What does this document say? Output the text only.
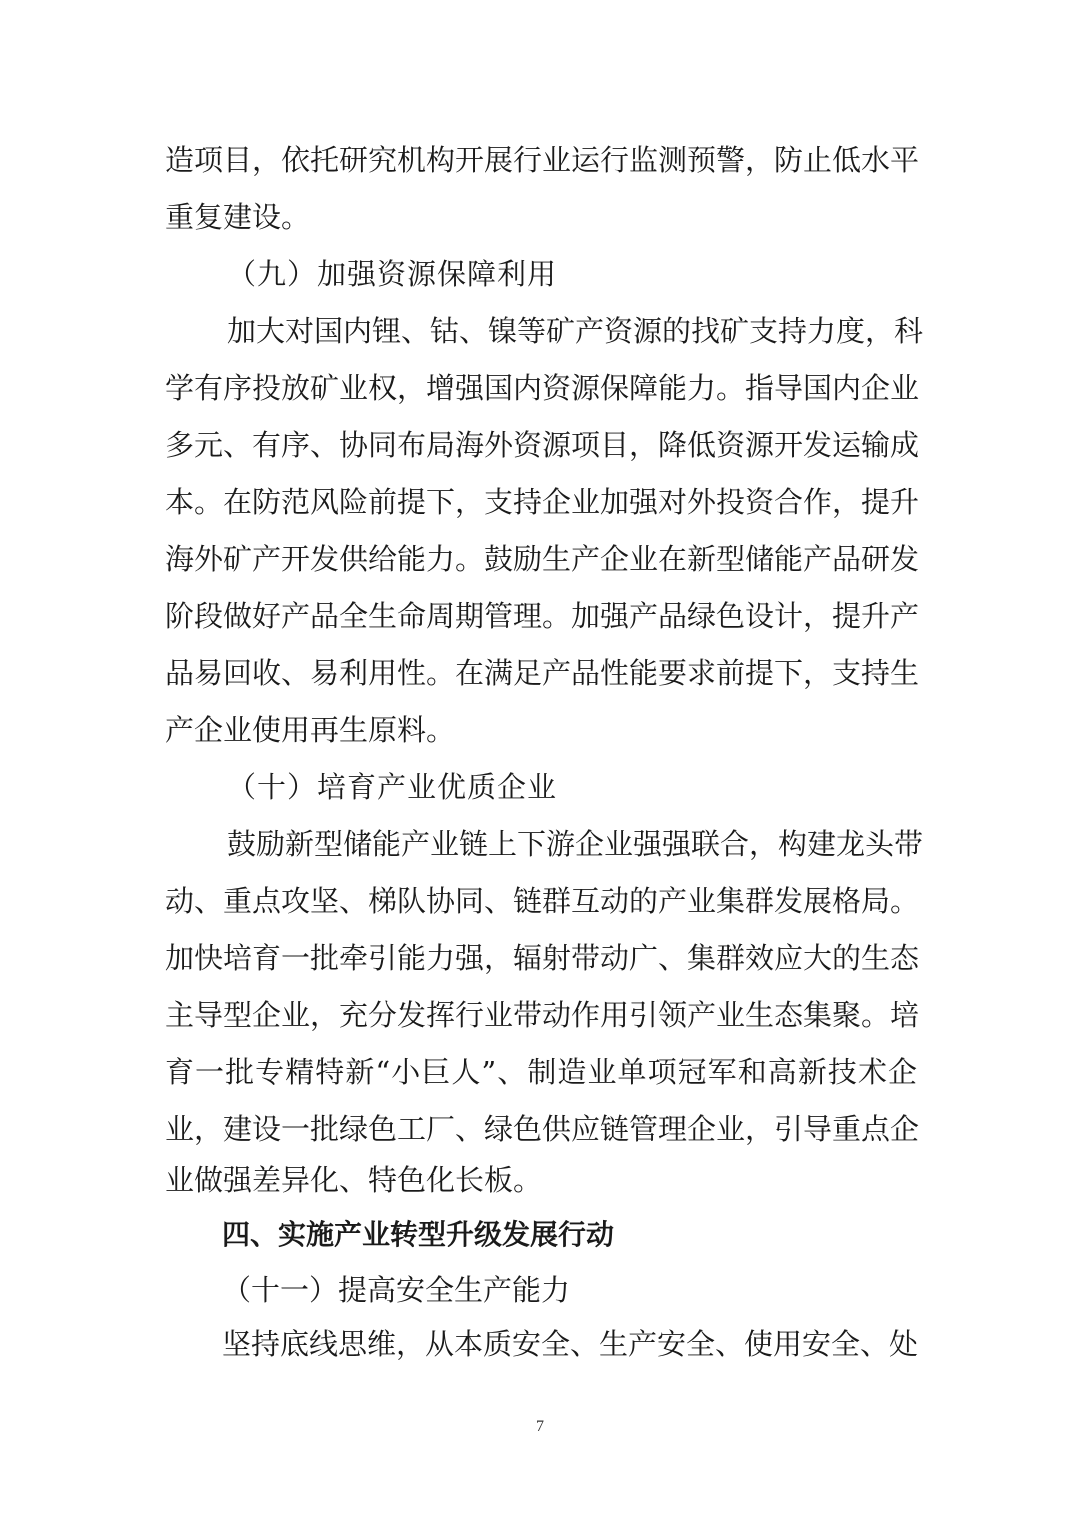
造项目，依托研究机构开展行业运行监测预警，防止低水平
重复建设。
（九）加强资源保障利用
加大对国内锂、钴、镍等矿产资源的找矿支持力度，科
学有序投放矿业权，增强国内资源保障能力。指导国内企业
多元、有序、协同布局海外资源项目，降低资源开发运输成
本。在防范风险前提下，支持企业加强对外投资合作，提升
海外矿产开发供给能力。鼓励生产企业在新型储能产品研发
阶段做好产品全生命周期管理。加强产品绿色设计，提升产
品易回收、易利用性。在满足产品性能要求前提下，支持生
产企业使用再生原料。
（十）培育产业优质企业
鼓励新型储能产业链上下游企业强强联合，构建龙头带
动、重点攻坚、梯队协同、链群互动的产业集群发展格局。
加快培育一批牵引能力强，辐射带动广、集群效应大的生态
主导型企业，充分发挥行业带动作用引领产业生态集聚。培
育一批专精特新“小巨人”、制造业单项冠军和高新技术企
业，建设一批绿色工厂、绿色供应链管理企业，引导重点企
业做强差异化、特色化长板。
四、实施产业转型升级发展行动
（十一）提高安全生产能力
坚持底线思维，从本质安全、生产安全、使用安全、处
7
